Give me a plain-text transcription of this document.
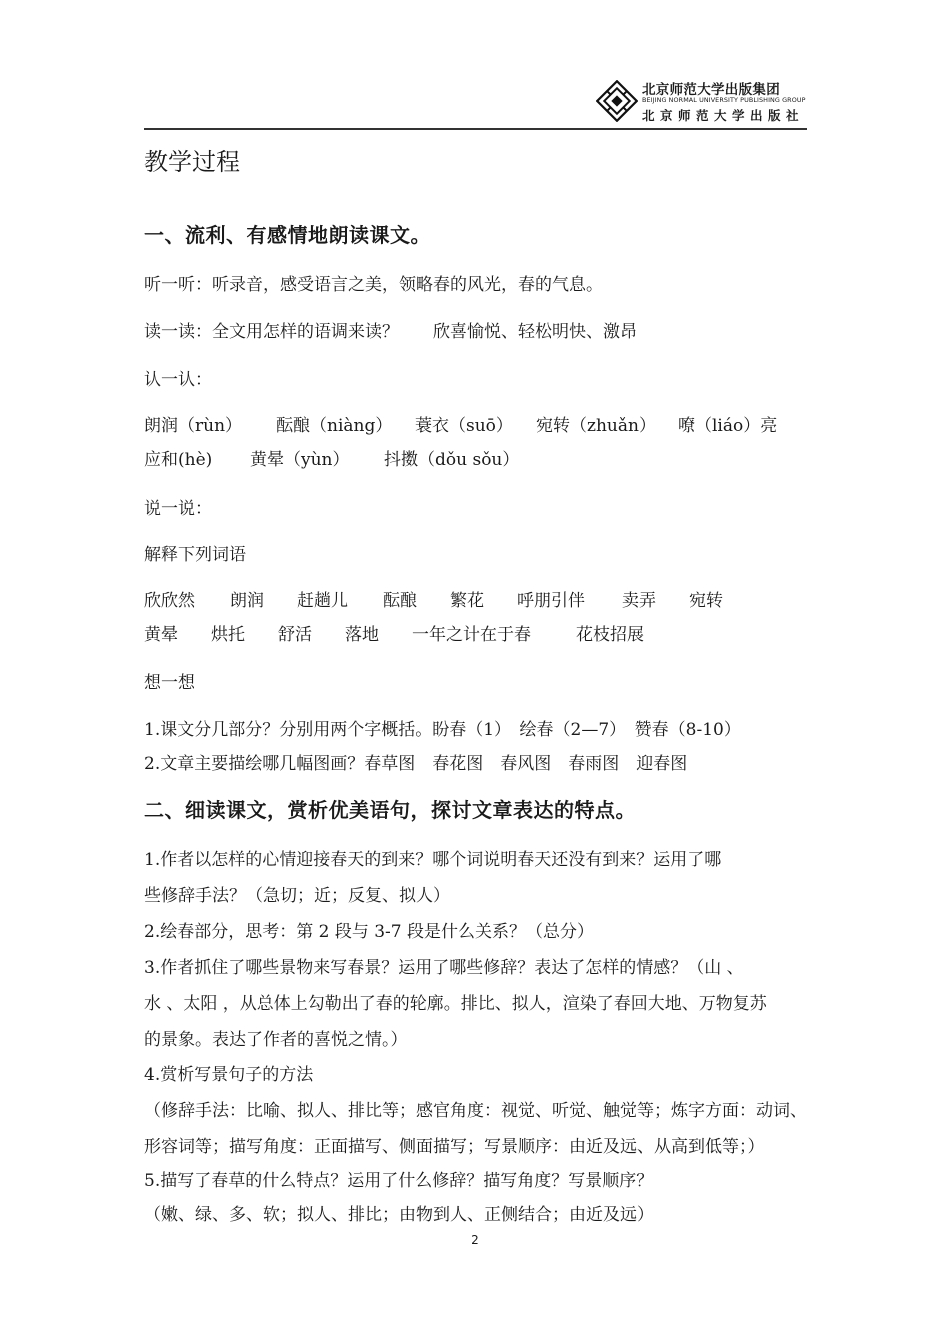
北京师范大学出版集团
BEIJING NORMAL UNIVERSITY PUBLISHING GROUP
北京师范大学出版社
教学过程
一、流利、有感情地朗读课文。
听一听：听录音，感受语言之美，领略春的风光，春的气息。
读一读：全文用怎样的语调来读？ 欣喜愉悦、轻松明快、激昂
认一认：
朗润（rùn） 酝酿（niàng） 蓑衣（suō） 宛转（zhuǎn） 嘹（liáo）亮
应和(hè) 黄晕（yùn） 抖擞（dǒu sǒu）
说一说：
解释下列词语
欣欣然 朗润 赶趟儿 酝酿 繁花 呼朋引伴 卖弄 宛转
黄晕 烘托 舒活 落地 一年之计在于春	花枝招展
想一想
1.课文分几部分？分别用两个字概括。盼春（1）　绘春（2—7）　赞春（8-10）
2.文章主要描绘哪几幅图画？春草图　春花图　春风图　春雨图　迎春图
二、细读课文，赏析优美语句，探讨文章表达的特点。
1.作者以怎样的心情迎接春天的到来？哪个词说明春天还没有到来？运用了哪
些修辞手法？（急切；近；反复、拟人）
2.绘春部分，思考：第 2 段与 3-7 段是什么关系？（总分）
3.作者抓住了哪些景物来写春景？运用了哪些修辞？表达了怎样的情感？（山 、
水 、太阳 ，从总体上勾勒出了春的轮廓。排比、拟人，渲染了春回大地、万物复苏
的景象。表达了作者的喜悦之情。）
4.赏析写景句子的方法
（修辞手法：比喻、拟人、排比等；感官角度：视觉、听觉、触觉等；炼字方面：动词、
形容词等；描写角度：正面描写、侧面描写；写景顺序：由近及远、从高到低等；）
5.描写了春草的什么特点？运用了什么修辞？描写角度？写景顺序？
（嫩、绿、多、软；拟人、排比；由物到人、正侧结合；由近及远）
2
